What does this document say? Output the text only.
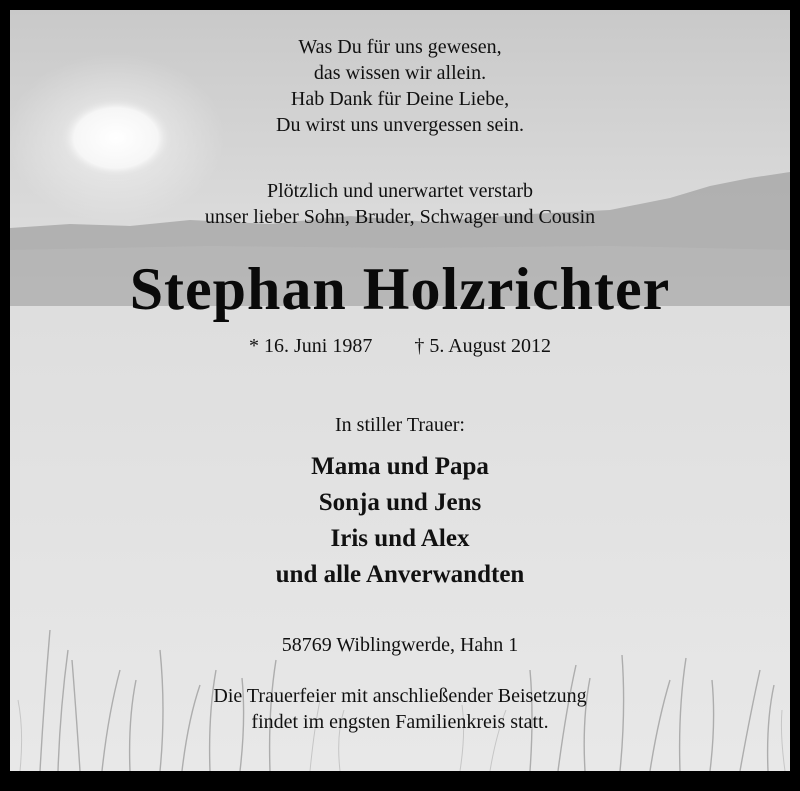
Was Du für uns gewesen,
das wissen wir allein.
Hab Dank für Deine Liebe,
Du wirst uns unvergessen sein.
Plötzlich und unerwartet verstarb
unser lieber Sohn, Bruder, Schwager und Cousin
Stephan Holzrichter
* 16. Juni 1987 † 5. August 2012
In stiller Trauer:
Mama und Papa
Sonja und Jens
Iris und Alex
und alle Anverwandten
58769 Wiblingwerde, Hahn 1
Die Trauerfeier mit anschließender Beisetzung
findet im engsten Familienkreis statt.
